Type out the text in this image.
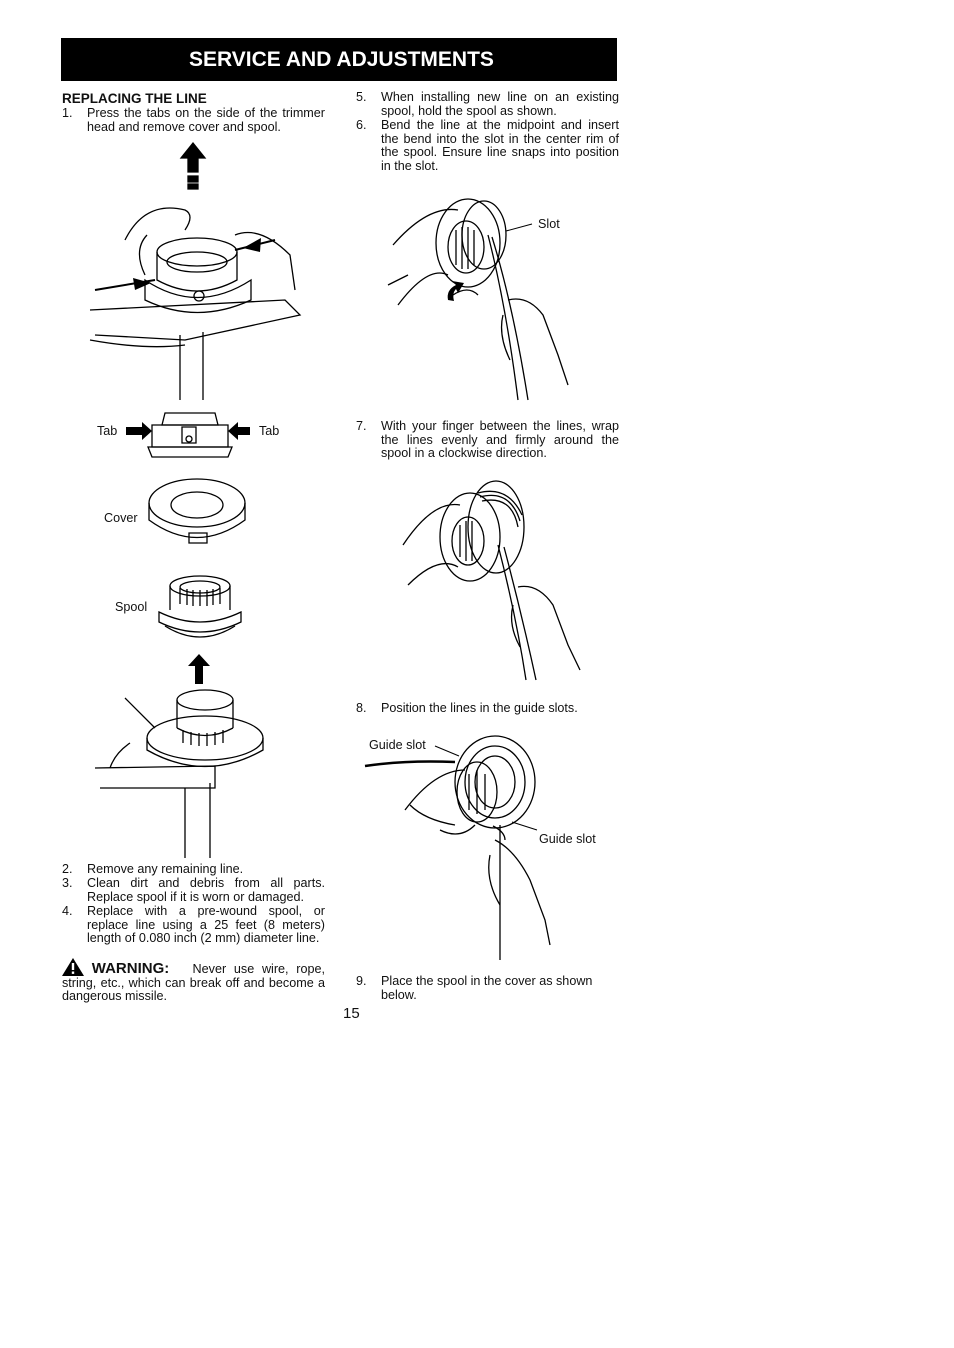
SERVICE AND ADJUSTMENTS
REPLACING THE LINE
1. Press the tabs on the side of the trimmer head and remove cover and spool.
Tab	Tab
Cover
Spool
2. Remove any remaining line.
3. Clean dirt and debris from all parts. Replace spool if it is worn or damaged.
4. Replace with a pre-wound spool, or replace line using a 25 feet (8 meters) length of 0.080 inch (2 mm) diameter line.
WARNING: Never use wire, rope, string, etc., which can break off and become a dangerous missile.
15
5. When installing new line on an existing spool, hold the spool as shown.
6. Bend the line at the midpoint and insert the bend into the slot in the center rim of the spool. Ensure line snaps into position in the slot.
Slot
7. With your finger between the lines, wrap the lines evenly and firmly around the spool in a clockwise direction.
8. Position the lines in the guide slots.
Guide slot
Guide slot
9. Place the spool in the cover as shown below.
